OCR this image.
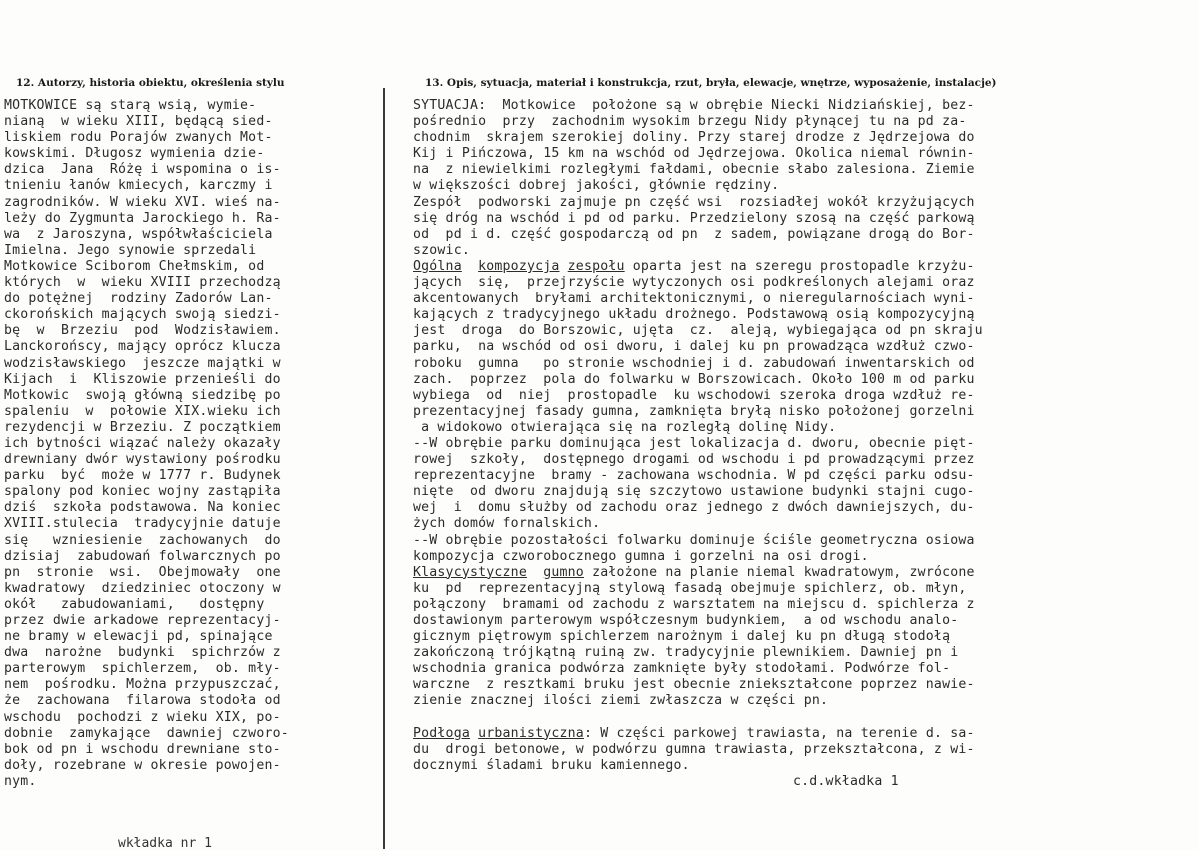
12. Autorzy, historia obiektu, określenia stylu
MOTKOWICE są starą wsią, wymie-
nianą  w wieku XIII, będącą sied-
liskiem rodu Porajów zwanych Mot-
kowskimi. Długosz wymienia dzie-
dzica  Jana  Różę i wspomina o is-
tnieniu łanów kmiecych, karczmy i
zagrodników. W wieku XVI. wieś na-
leży do Zygmunta Jarockiego h. Ra-
wa  z Jaroszyna, współwłaściciela
Imielna. Jego synowie sprzedali
Motkowice Sciborom Chełmskim, od
których  w  wieku XVIII przechodzą
do potężnej  rodziny Zadorów Lan-
ckorońskich mających swoją siedzi-
bę  w  Brzeziu  pod  Wodzisławiem.
Lanckorońscy, mający oprócz klucza
wodzisławskiego  jeszcze majątki w
Kijach  i  Kliszowie przenieśli do
Motkowic  swoją główną siedzibę po
spaleniu  w  połowie XIX.wieku ich
rezydencji w Brzeziu. Z początkiem
ich bytności wiązać należy okazały
drewniany dwór wystawiony pośrodku
parku  być  może w 1777 r. Budynek
spalony pod koniec wojny zastąpiła
dziś  szkoła podstawowa. Na koniec
XVIII.stulecia  tradycyjnie datuje
się   wzniesienie  zachowanych  do
dzisiaj  zabudowań folwarcznych po
pn  stronie  wsi.  Obejmowały  one
kwadratowy  dziedziniec otoczony w
okół   zabudowaniami,   dostępny
przez dwie arkadowe reprezentacyj-
ne bramy w elewacji pd, spinające
dwa  narożne  budynki  spichrzów z
parterowym  spichlerzem,  ob. mły-
nem  pośrodku. Można przypuszczać,
że  zachowana  filarowa stodoła od
wschodu  pochodzi z wieku XIX, po-
dobnie  zamykające  dawniej czworo-
bok od pn i wschodu drewniane sto-
doły, rozebrane w okresie powojen-
nym.
13. Opis, sytuacja, materiał i konstrukcja, rzut, bryła, elewacje, wnętrze, wyposażenie, instalacje)
SYTUACJA:  Motkowice  położone są w obrębie Niecki Nidziańskiej, bez-
pośrednio  przy  zachodnim wysokim brzegu Nidy płynącej tu na pd za-
chodnim  skrajem szerokiej doliny. Przy starej drodze z Jędrzejowa do
Kij i Pińczowa, 15 km na wschód od Jędrzejowa. Okolica niemal równin-
na  z niewielkimi rozległymi fałdami, obecnie słabo zalesiona. Ziemie
w większości dobrej jakości, głównie rędziny.
Zespół  podworski zajmuje pn część wsi  rozsiadłej wokół krzyżujących
się dróg na wschód i pd od parku. Przedzielony szosą na część parkową
od  pd i d. część gospodarczą od pn  z sadem, powiązane drogą do Bor-
szowic.
Ogólna kompozycja zespołu oparta jest na szeregu prostopadle krzyżu-
jących  się,  przejrzyście wytyczonych osi podkreślonych alejami oraz
akcentowanych  bryłami architektonicznymi, o nieregularnościach wyni-
kających z tradycyjnego układu drożnego. Podstawową osią kompozycyjną
jest  droga  do Borszowic, ujęta  cz.  aleją, wybiegająca od pn skraju
parku,  na wschód od osi dworu, i dalej ku pn prowadząca wzdłuż czwo-
roboku  gumna   po stronie wschodniej i d. zabudowań inwentarskich od
zach.  poprzez  pola do folwarku w Borszowicach. Około 100 m od parku
wybiega  od  niej  prostopadle  ku wschodowi szeroka droga wzdłuż re-
prezentacyjnej fasady gumna, zamknięta bryłą nisko położonej gorzelni
a widokowo otwierająca się na rozległą dolinę Nidy.
--W obrębie parku dominująca jest lokalizacja d. dworu, obecnie pięt-
rowej  szkoły,  dostępnego drogami od wschodu i pd prowadzącymi przez
reprezentacyjne  bramy - zachowana wschodnia. W pd części parku odsu-
nięte  od dworu znajdują się szczytowo ustawione budynki stajni cugo-
wej  i  domu służby od zachodu oraz jednego z dwóch dawniejszych, du-
żych domów fornalskich.
--W obrębie pozostałości folwarku dominuje ściśle geometryczna osiowa
kompozycja czworobocznego gumna i gorzelni na osi drogi.
Klasycystyczne gumno założone na planie niemal kwadratowym, zwrócone
ku  pd  reprezentacyjną stylową fasadą obejmuje spichlerz, ob. młyn,
połączony  bramami od zachodu z warsztatem na miejscu d. spichlerza z
dostawionym parterowym współczesnym budynkiem,  a od wschodu analo-
gicznym piętrowym spichlerzem narożnym i dalej ku pn długą stodołą
zakończoną trójkątną ruiną zw. tradycyjnie plewnikiem. Dawniej pn i
wschodnia granica podwórza zamknięte były stodołami. Podwórze fol-
warczne  z resztkami bruku jest obecnie zniekształcone poprzez nawie-
zienie znacznej ilości ziemi zwłaszcza w części pn.
Podłoga urbanistyczna: W części parkowej trawiasta, na terenie d. sa-
du  drogi betonowe, w podwórzu gumna trawiasta, przekształcona, z wi-
docznymi śladami bruku kamiennego.
c.d.wkładka 1
wkładka nr 1
